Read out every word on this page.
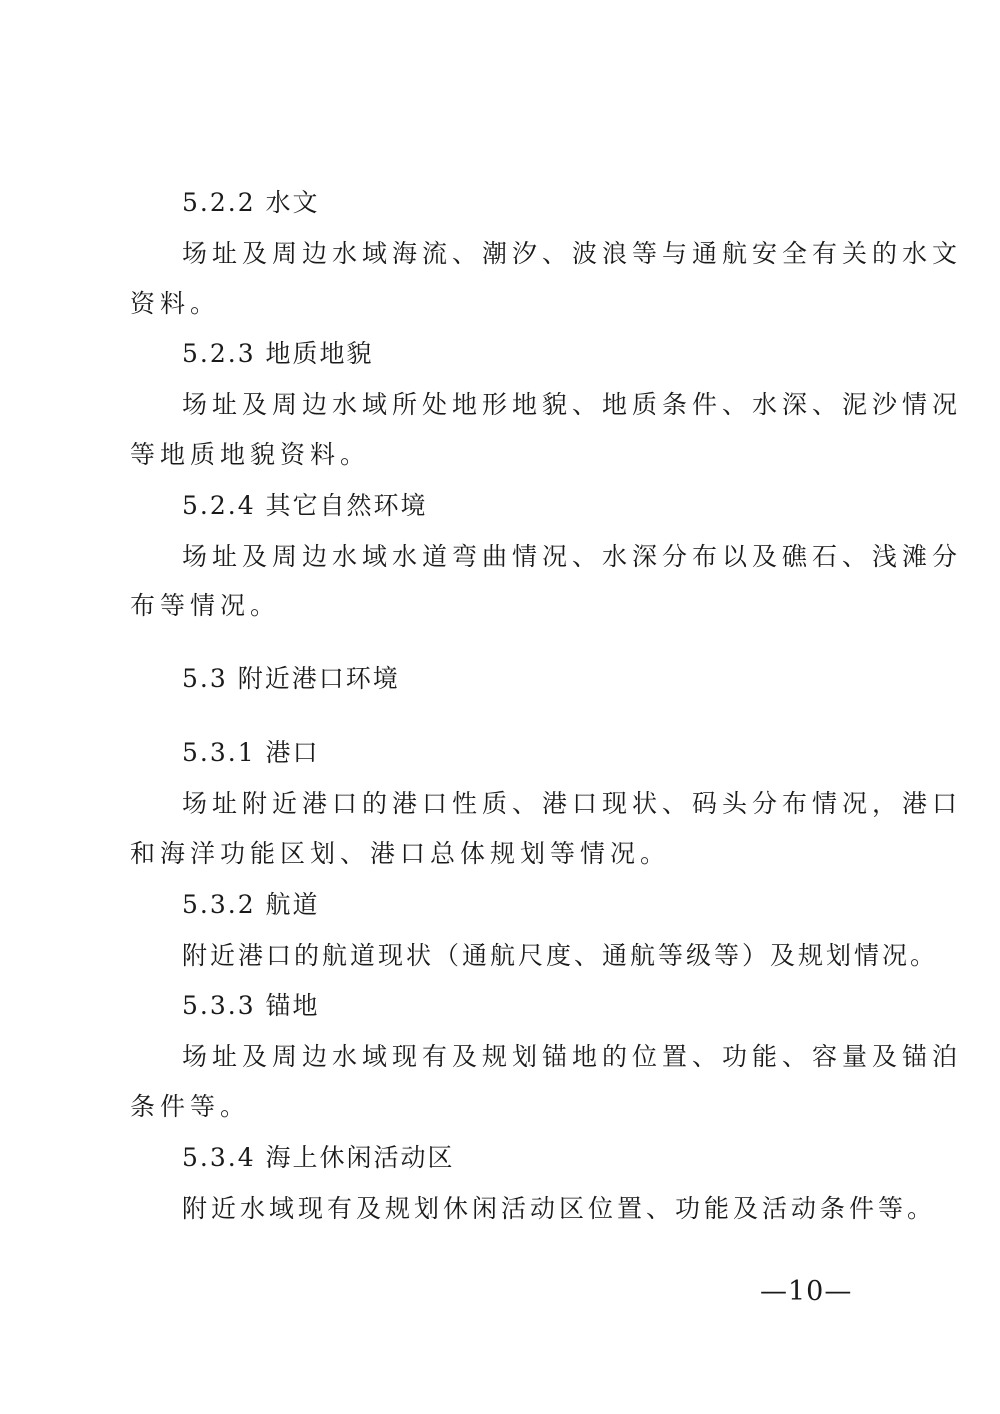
5.2.2 水文

场址及周边水域海流、潮汐、波浪等与通航安全有关的水文

资料。

5.2.3 地质地貌

场址及周边水域所处地形地貌、地质条件、水深、泥沙情况

等地质地貌资料。

5.2.4 其它自然环境

场址及周边水域水道弯曲情况、水深分布以及礁石、浅滩分

布等情况。

5.3 附近港口环境

5.3.1 港口

场址附近港口的港口性质、港口现状、码头分布情况，港口

和海洋功能区划、港口总体规划等情况。

5.3.2 航道

附近港口的航道现状（通航尺度、通航等级等）及规划情况。

5.3.3 锚地

场址及周边水域现有及规划锚地的位置、功能、容量及锚泊

条件等。

5.3.4 海上休闲活动区

附近水域现有及规划休闲活动区位置、功能及活动条件等。

—10—
